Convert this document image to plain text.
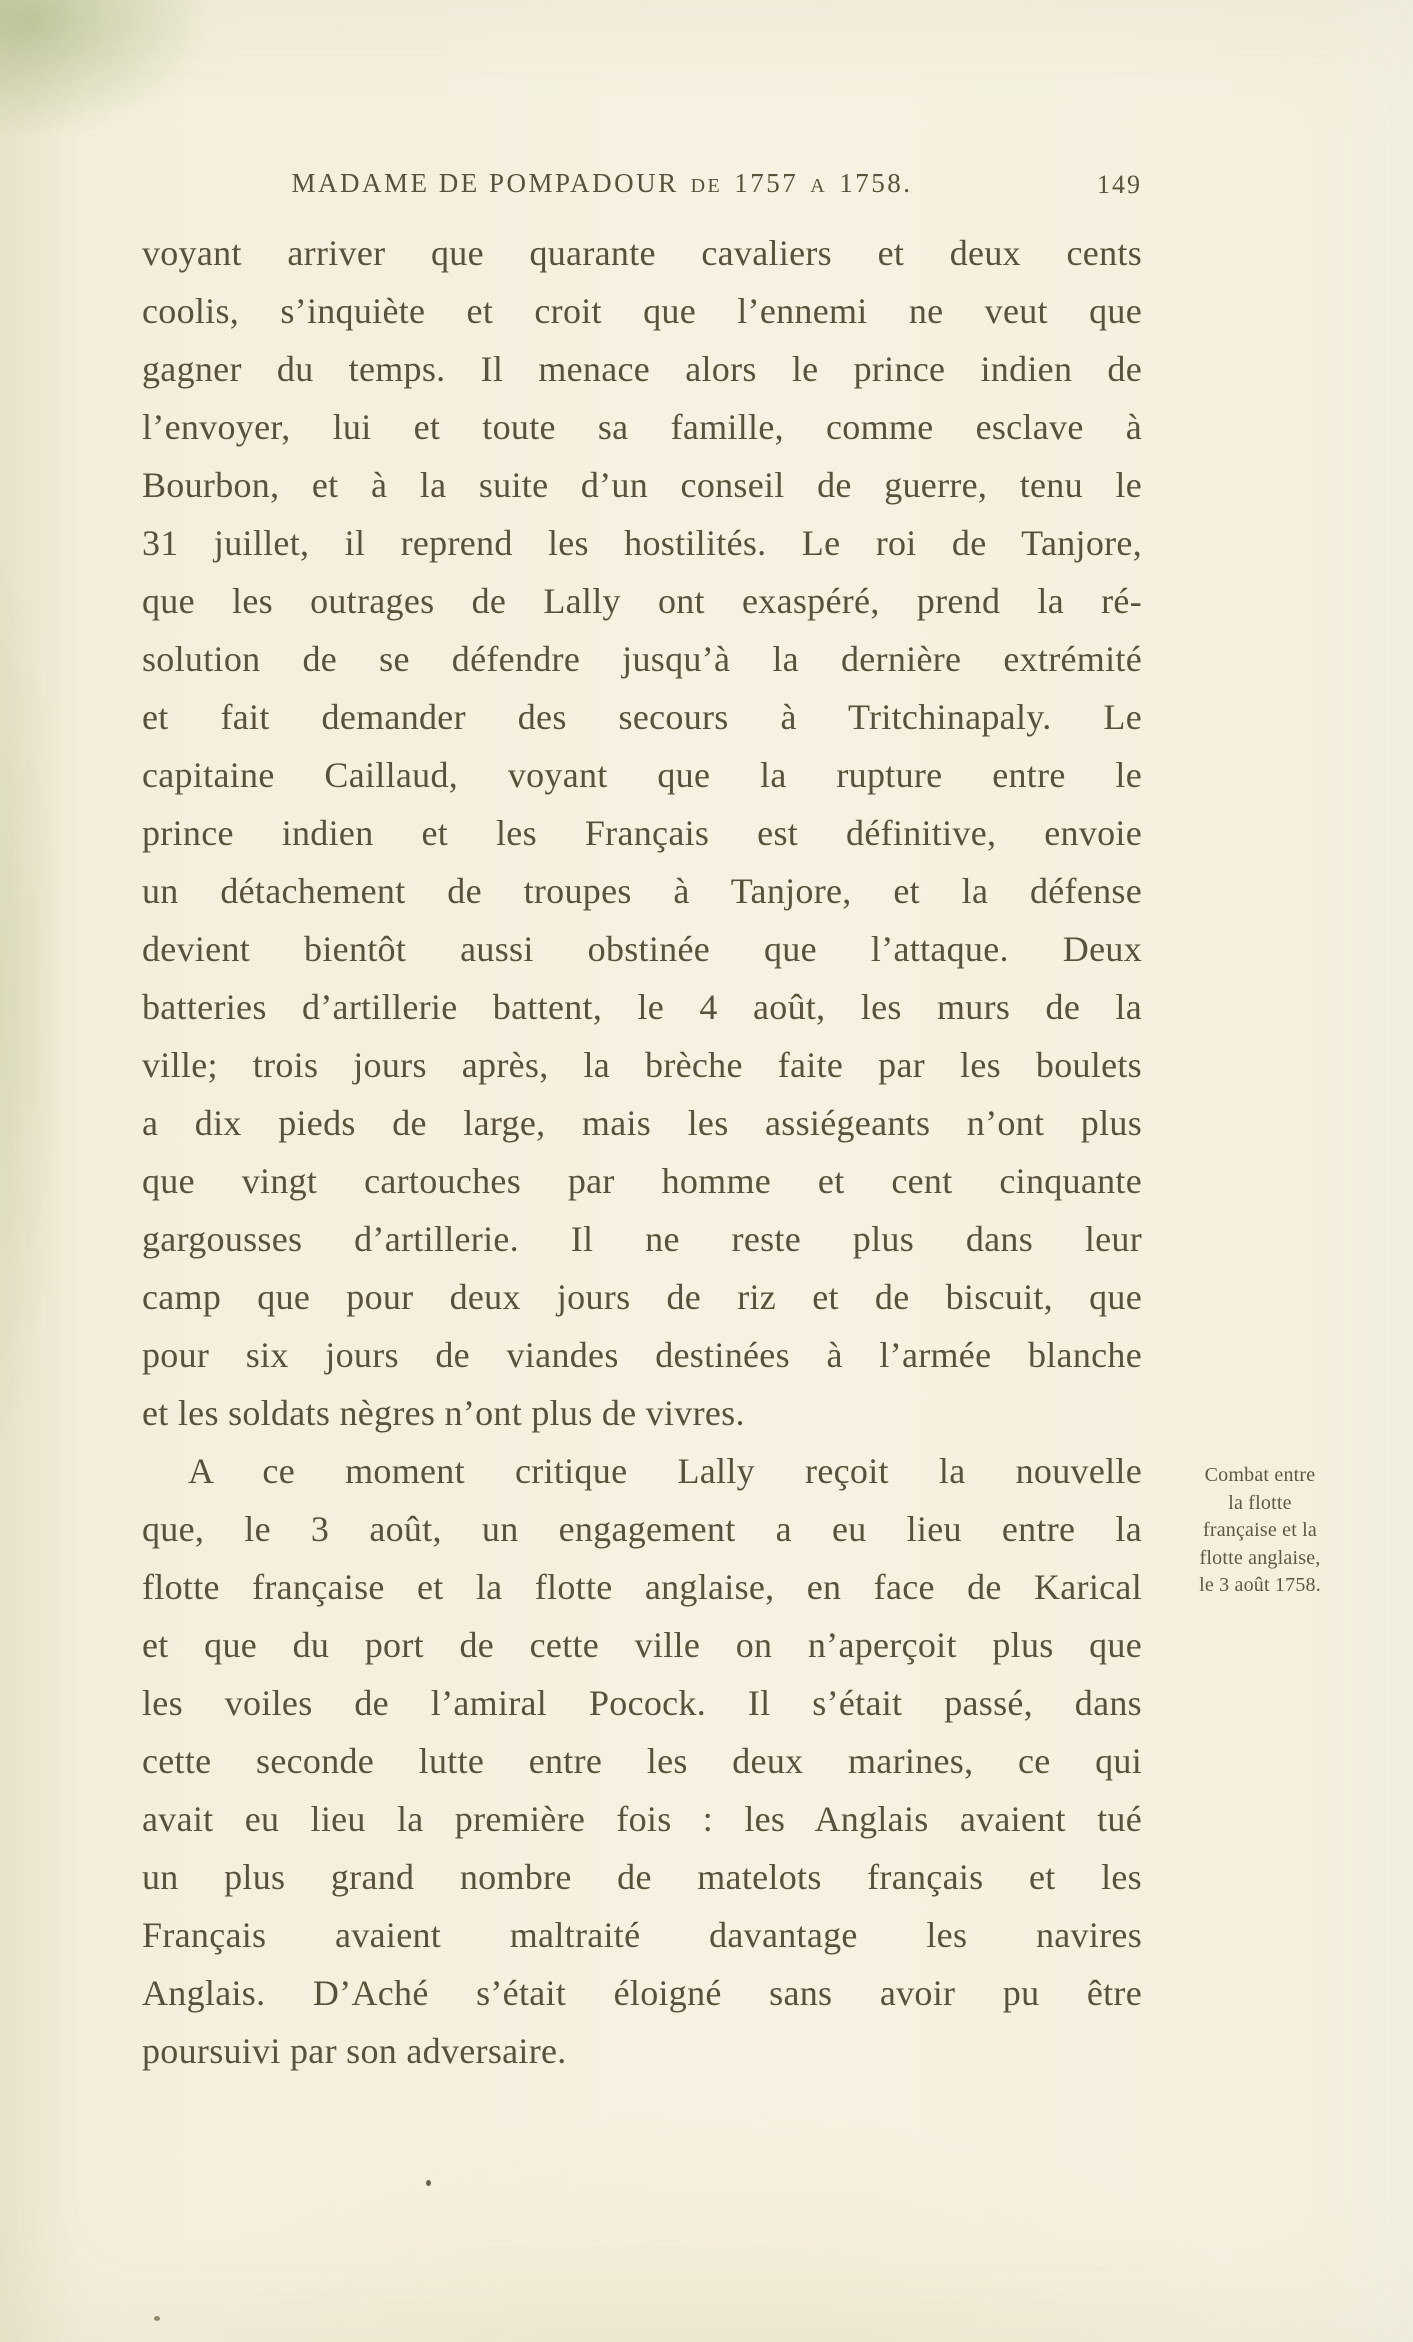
MADAME DE POMPADOUR DE 1757 A 1758.	149
voyant arriver que quarante cavaliers et deux cents
coolis, s’inquiète et croit que l’ennemi ne veut que
gagner du temps. Il menace alors le prince indien de
l’envoyer, lui et toute sa famille, comme esclave à
Bourbon, et à la suite d’un conseil de guerre, tenu le
31 juillet, il reprend les hostilités. Le roi de Tanjore,
que les outrages de Lally ont exaspéré, prend la ré-
solution de se défendre jusqu’à la dernière extrémité
et fait demander des secours à Tritchinapaly. Le
capitaine Caillaud, voyant que la rupture entre le
prince indien et les Français est définitive, envoie
un détachement de troupes à Tanjore, et la défense
devient bientôt aussi obstinée que l’attaque. Deux
batteries d’artillerie battent, le 4 août, les murs de la
ville; trois jours après, la brèche faite par les boulets
a dix pieds de large, mais les assiégeants n’ont plus
que vingt cartouches par homme et cent cinquante
gargousses d’artillerie. Il ne reste plus dans leur
camp que pour deux jours de riz et de biscuit, que
pour six jours de viandes destinées à l’armée blanche
et les soldats nègres n’ont plus de vivres.
A ce moment critique Lally reçoit la nouvelle
que, le 3 août, un engagement a eu lieu entre la
flotte française et la flotte anglaise, en face de Karical
et que du port de cette ville on n’aperçoit plus que
les voiles de l’amiral Pocock. Il s’était passé, dans
cette seconde lutte entre les deux marines, ce qui
avait eu lieu la première fois : les Anglais avaient tué
un plus grand nombre de matelots français et les
Français avaient maltraité davantage les navires
Anglais. D’Aché s’était éloigné sans avoir pu être
poursuivi par son adversaire.
Combat entre
la flotte
française et la
flotte anglaise,
le 3 août 1758.
